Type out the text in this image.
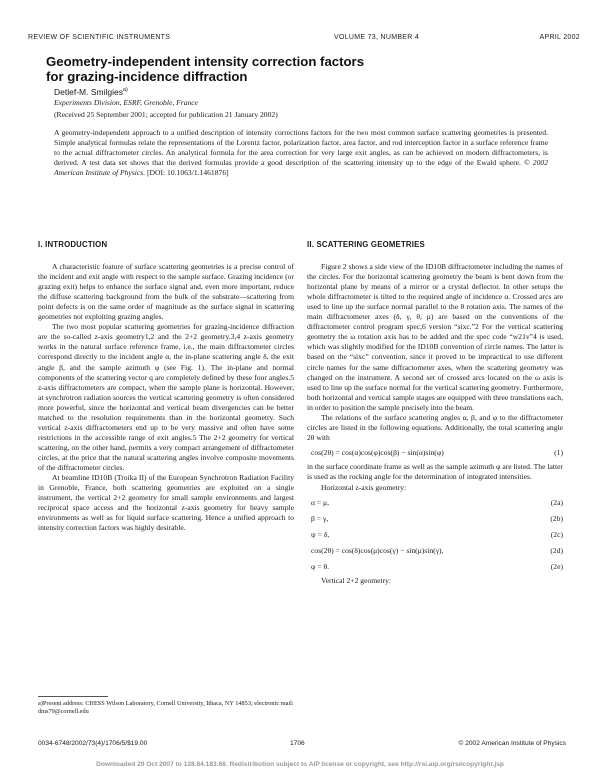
REVIEW OF SCIENTIFIC INSTRUMENTS	VOLUME 73, NUMBER 4	APRIL 2002
Geometry-independent intensity correction factors
for grazing-incidence diffraction
Detlef-M. Smilgies$^{a)}$
Experiments Division, ESRF, Grenoble, France
(Received 25 September 2001; accepted for publication 21 January 2002)
A geometry-independent approach to a unified description of intensity corrections factors for the two most common surface scattering geometries is presented. Simple analytical formulas relate the representations of the Lorentz factor, polarization factor, area factor, and rod interception factor in a surface reference frame to the actual diffractometer circles. An analytical formula for the area correction for very large exit angles, as can be achieved on modern diffractometers, is derived. A test data set shows that the derived formulas provide a good description of the scattering intensity up to the edge of the Ewald sphere. © 2002 American Institute of Physics. [DOI: 10.1063/1.1461876]
I. INTRODUCTION

A characteristic feature of surface scattering geometries is a precise control of the incident and exit angle with respect to the sample surface. Grazing incidence (or grazing exit) helps to enhance the surface signal and, even more important, reduce the diffuse scattering background from the bulk of the substrate—scattering from point defects is on the same order of magnitude as the surface signal in scattering geometries not exploiting grazing angles.

The two most popular scattering geometries for grazing-incidence diffraction are the so-called z-axis geometry1,2 and the 2+2 geometry.3,4 z-axis geometry works in the natural surface reference frame, i.e., the main diffractometer circles correspond directly to the incident angle α, the in-plane scattering angle δ, the exit angle β, and the sample azimuth φ (see Fig. 1). The in-plane and normal components of the scattering vector q are completely defined by these four angles.5 z-axis diffractometers are compact, when the sample plane is horizontal. However, at synchrotron radiation sources the vertical scattering geometry is often considered more powerful, since the horizontal and vertical beam divergencies can be better matched to the resolution requirements than in the horizontal geometry. Such vertical z-axis diffractometers end up to be very massive and often have some restrictions in the accessible range of exit angles.5 The 2+2 geometry for vertical scattering, on the other hand, permits a very compact arrangement of diffractometer circles, at the price that the natural scattering angles involve composite movements of the diffractometer circles.

At beamline ID10B (Troika II) of the European Synchrotron Radiation Facility in Grenoble, France, both scattering geometries are exploited on a single instrument, the vertical 2+2 geometry for small sample environments and largest reciprocal space access and the horizontal z-axis geometry for heavy sample environments as well as for liquid surface scattering. Hence a unified approach to intensity correction factors was highly desirable.

a)Present address: CHESS Wilson Laboratory, Cornell University, Ithaca, NY 14853; electronic mail: dms79@cornell.edu
II. SCATTERING GEOMETRIES

Figure 2 shows a side view of the ID10B diffractometer including the names of the circles. For the horizontal scattering geometry the beam is bent down from the horizontal plane by means of a mirror or a crystal deflector. In other setups the whole diffractometer is tilted to the required angle of incidence α. Crossed arcs are used to line up the surface normal parallel to the θ rotation axis. The names of the main diffractometer axes (δ, γ, θ, μ) are based on the conventions of the diffractometer control program spec,6 version “sixc.”2 For the vertical scattering geometry the ω rotation axis has to be added and the spec code “w21v”4 is used, which was slightly modified for the ID10B convention of circle names. The latter is based on the “sixc” convention, since it proved to be impractical to use different circle names for the same diffractometer axes, when the scattering geometry was changed on the instrument. A second set of crossed arcs located on the ω axis is used to line up the surface normal for the vertical scattering geometry. Furthermore, both horizontal and vertical sample stages are equipped with three translations each, in order to position the sample precisely into the beam.

The relations of the surface scattering angles α, β, and φ to the diffractometer circles are listed in the following equations. Additionally, the total scattering angle 2θ with

cos(2θ) = cos(α)cos(φ)cos(β) − sin(α)sin(φ)	(1)

in the surface coordinate frame as well as the sample azimuth φ are listed. The latter is used as the rocking angle for the determination of integrated intensities.

Horizontal z-axis geometry:

α = μ,	(2a)
β = γ,	(2b)
ψ = δ,	(2c)
cos(2θ) = cos(δ)cos(μ)cos(γ) − sin(μ)sin(γ),	(2d)
φ = θ.	(2e)

Vertical 2+2 geometry:

0034-6748/2002/73(4)/1706/5/$19.00	1706	© 2002 American Institute of Physics
Downloaded 29 Oct 2007 to 128.84.183.68. Redistribution subject to AIP license or copyright, see http://rsi.aip.org/rsi/copyright.jsp
